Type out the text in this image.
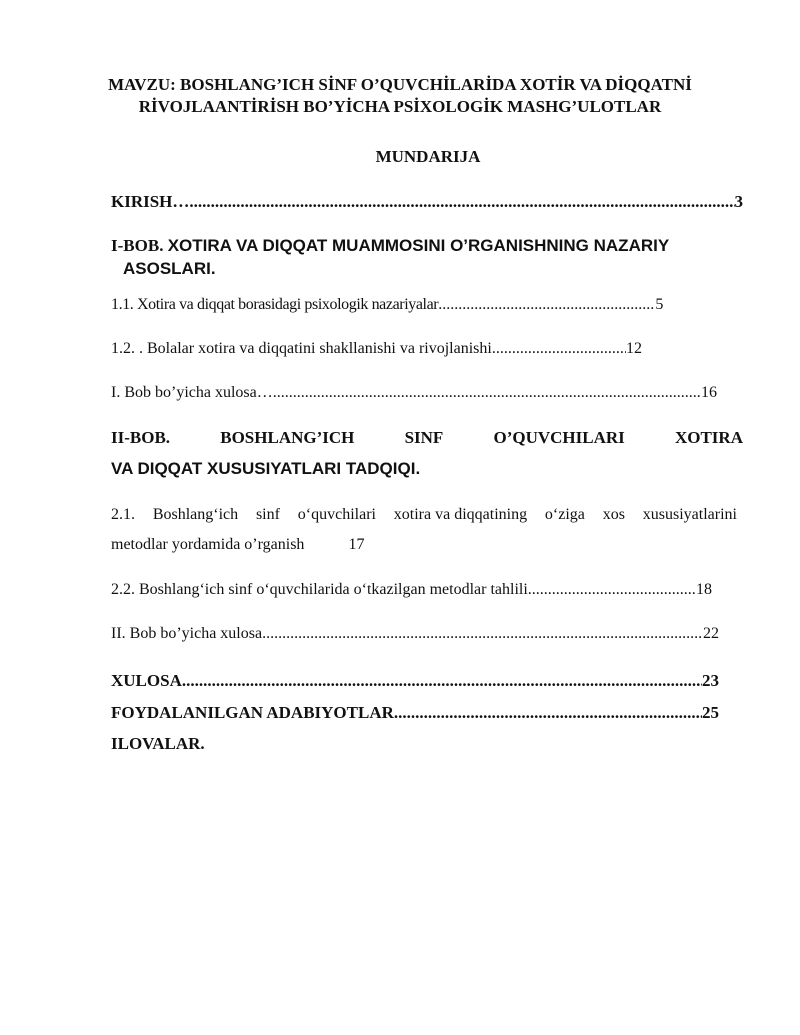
MAVZU: BOSHLANG’ICH SİNF O’QUVCHİLARİDA XOTİR VA DİQQATNİ
RİVOJLAANTİRİSH BO’YİCHA PSİXOLOGİK MASHG’ULOTLAR
MUNDARIJA
KIRISH… .....	3
I-BOB. XOTIRA VA DIQQAT MUAMMOSINI O’RGANISHNING NAZARIY
ASOSLARI.
1.1. Xotira va diqqat borasidagi psixologik nazariyalar .....	5
1.2. . Bolalar xotira va diqqatini shakllanishi va rivojlanishi .....	12
I. Bob bo’yicha xulosa… .....	16
II-BOB.	BOSHLANG’ICH	SINF	O’QUVCHILARI	XOTIRA
VA DIQQAT XUSUSIYATLARI TADQIQI.
2.1. Boshlang‘ich sinf o‘quvchilari xotira va diqqatining o‘ziga xos xususiyatlarini
metodlar yordamida o’rganish	17
2.2. Boshlang‘ich sinf o‘quvchilarida o‘tkazilgan metodlar tahlili .....	18
II. Bob bo’yicha xulosa .....	22
XULOSA .....	23
FOYDALANILGAN ADABIYOTLAR .....	25
ILOVALAR.
